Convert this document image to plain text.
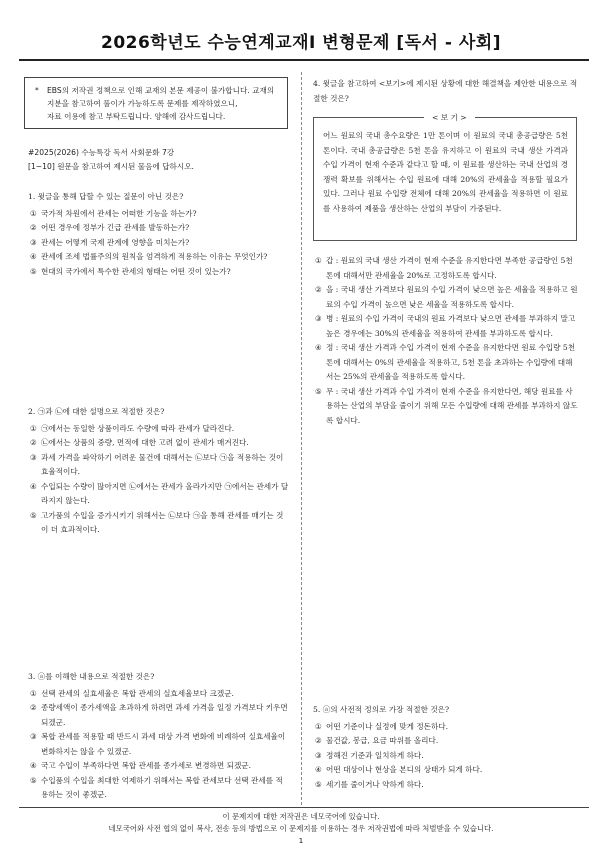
2026학년도 수능연계교재Ⅰ 변형문제 [독서 - 사회]
* EBS의 저작권 정책으로 인해 교재의 본문 제공이 불가합니다. 교재의
지분을 참고하여 풀이가 가능하도록 문제를 제작하였으니,
자료 이용에 참고 부탁드립니다. 양해에 감사드립니다.
#2025(2026) 수능특강 독서 사회문화 7강
[1~10] 원문을 참고하여 제시된 물음에 답하시오.
1. 윗글을 통해 답할 수 있는 질문이 아닌 것은?
① 국가적 차원에서 관세는 어떠한 기능을 하는가?
② 어떤 경우에 정부가 긴급 관세를 발동하는가?
③ 관세는 어떻게 국제 관계에 영향을 미치는가?
④ 관세에 조세 법률주의의 원칙을 엄격하게 적용하는 이유는 무엇인가?
⑤ 현대의 국가에서 특수한 관세의 형태는 어떤 것이 있는가?
2. ㉠과 ㉡에 대한 설명으로 적절한 것은?
① ㉠에서는 동일한 상품이라도 수량에 따라 관세가 달라진다.
② ㉡에서는 상품의 중량, 면적에 대한 고려 없이 관세가 매겨진다.
③ 과세 가격을 파악하기 어려운 물건에 대해서는 ㉡보다 ㉠을 적용하는 것이 효율적이다.
④ 수입되는 수량이 많아지면 ㉡에서는 관세가 올라가지만 ㉠에서는 관세가 달라지지 않는다.
⑤ 고가품의 수입을 증가시키기 위해서는 ㉡보다 ㉠을 통해 관세를 매기는 것이 더 효과적이다.
3. ⓐ를 이해한 내용으로 적절한 것은?
① 선택 관세의 실효세율은 복합 관세의 실효세율보다 크겠군.
② 종량세액이 종가세액을 초과하게 하려면 과세 가격을 일정 가격보다 키우면 되겠군.
③ 복합 관세를 적용할 때 반드시 과세 대상 가격 변화에 비례하여 실효세율이 변화하지는 않을 수 있겠군.
④ 국고 수입이 부족하다면 복합 관세를 종가세로 변경하면 되겠군.
⑤ 수입품의 수입을 최대한 억제하기 위해서는 복합 관세보다 선택 관세를 적용하는 것이 좋겠군.
4. 윗글을 참고하여 <보기>에 제시된 상황에 대한 해결책을 제안한 내용으로 적절한 것은?
< 보 기 >
어느 원료의 국내 총수요량은 1만 톤이며 이 원료의 국내 총공급량은 5천 톤이다. 국내 총공급량은 5천 톤을 유지하고 이 원료의 국내 생산 가격과 수입 가격이 현재 수준과 같다고 할 때, 이 원료를 생산하는 국내 산업의 경쟁력 확보를 위해서는 수입 원료에 대해 20%의 관세율을 적용할 필요가 있다. 그러나 원료 수입량 전체에 대해 20%의 관세율을 적용하면 이 원료를 사용하여 제품을 생산하는 산업의 부담이 가중된다.
① 갑 : 원료의 국내 생산 가격이 현재 수준을 유지한다면 부족한 공급량인 5천 톤에 대해서만 관세율을 20%로 고정하도록 합시다.
② 을 : 국내 생산 가격보다 원료의 수입 가격이 낮으면 높은 세율을 적용하고 원료의 수입 가격이 높으면 낮은 세율을 적용하도록 합시다.
③ 병 : 원료의 수입 가격이 국내의 원료 가격보다 낮으면 관세를 부과하지 말고 높은 경우에는 30%의 관세율을 적용하여 관세를 부과하도록 합시다.
④ 정 : 국내 생산 가격과 수입 가격이 현재 수준을 유지한다면 원료 수입량 5천 톤에 대해서는 0%의 관세율을 적용하고, 5천 톤을 초과하는 수입량에 대해서는 25%의 관세율을 적용하도록 합시다.
⑤ 무 : 국내 생산 가격과 수입 가격이 현재 수준을 유지한다면, 해당 원료를 사용하는 산업의 부담을 줄이기 위해 모든 수입량에 대해 관세를 부과하지 않도록 합시다.
5. ⓐ의 사전적 정의로 가장 적절한 것은?
① 어떤 기준이나 실정에 맞게 정돈하다.
② 물건값, 봉급, 요금 따위를 올리다.
③ 정해진 기준과 일치하게 하다.
④ 어떤 대상이나 현상을 본디의 상태가 되게 하다.
⑤ 세기를 줄이거나 약하게 하다.
이 문제지에 대한 저작권은 네모국어에 있습니다.
네모국어와 사전 협의 없이 복사, 전송 등의 방법으로 이 문제지를 이용하는 경우 저작권법에 따라 처벌받을 수 있습니다.
1
